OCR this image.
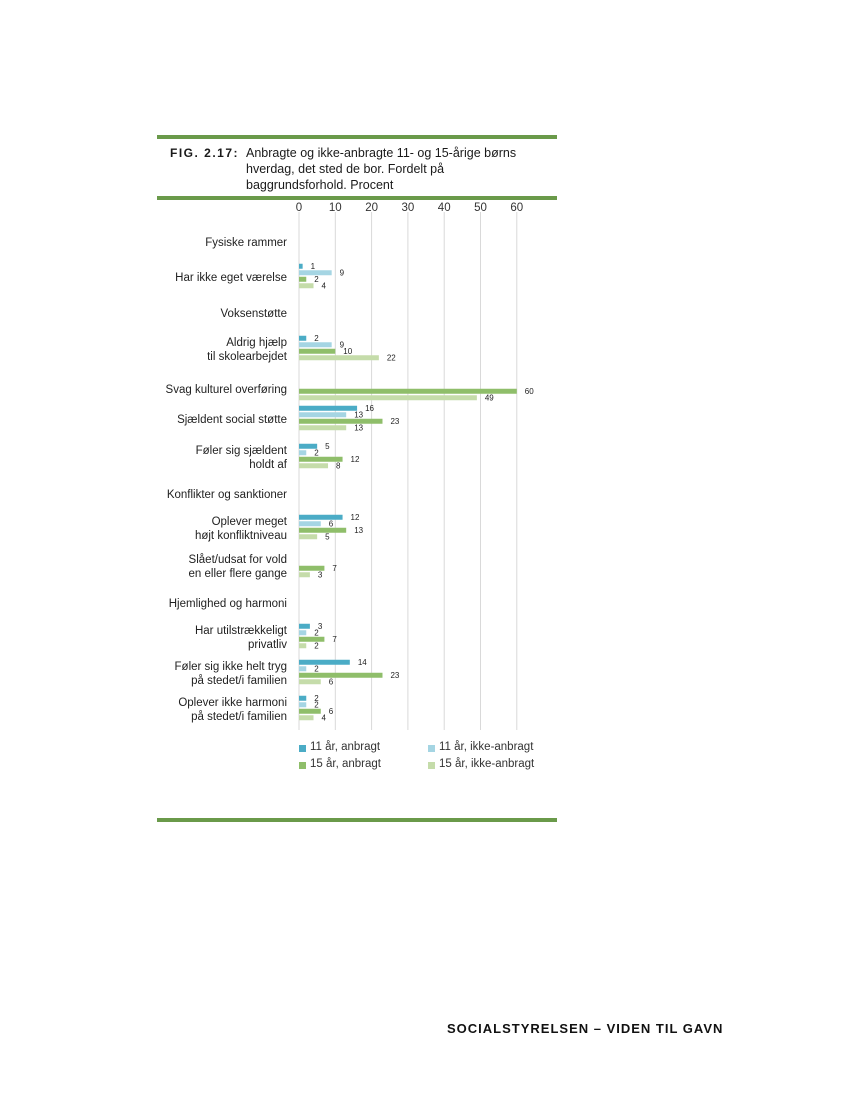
FIG. 2.17: Anbragte og ikke-anbragte 11- og 15-årige børns hverdag, det sted de bor. Fordelt på baggrundsforhold. Procent
0 10 20 30 40 50 60
Fysiske rammer
Har ikke eget værelse
1
9
2
4
Voksenstøtte
Aldrig hjælp til skolearbejdet
2
9
10
22
Svag kulturel overføring	60
49
Sjældent social støtte
16
13
23
13
Føler sig sjældent holdt af
5
2
12
8
Konflikter og sanktioner
Oplever meget højt konfliktniveau
12
6
13
5
Slået/udsat for vold en eller flere gange	7
3
Hjemlighed og harmoni
Har utilstrækkeligt privatliv
3
2
7
2
Føler sig ikke helt tryg på stedet/i familien
14
2
23
6
Oplever ikke harmoni på stedet/i familien
2
2
6
4
11 år, anbragt	11 år, ikke-anbragt
15 år, anbragt	15 år, ikke-anbragt
SOCIALSTYRELSEN – VIDEN TIL GAVN
